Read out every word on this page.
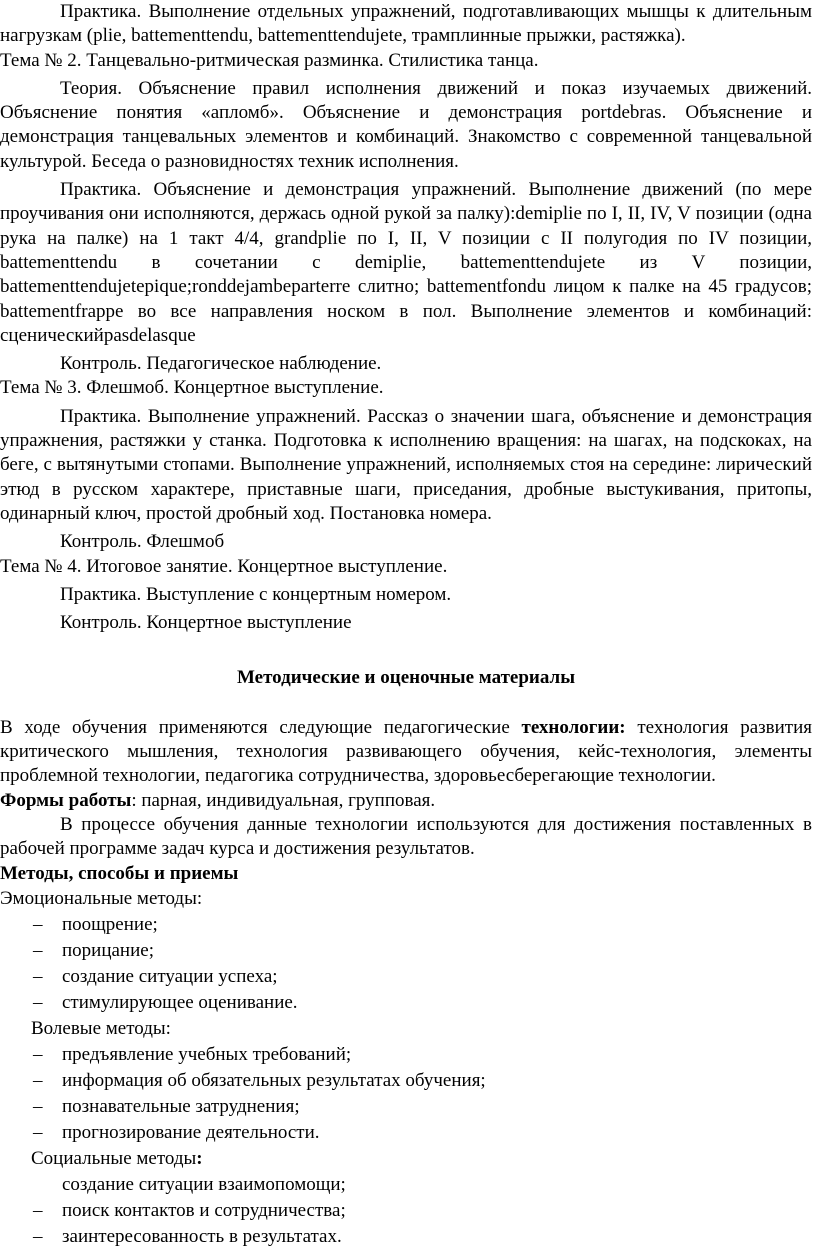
Практика. Выполнение отдельных упражнений, подготавливающих мышцы к длительным нагрузкам (plie, battementtendu, battementtendujete, трамплинные прыжки, растяжка).

Тема № 2. Танцевально-ритмическая разминка. Стилистика танца.

Теория. Объяснение правил исполнения движений и показ изучаемых движений. Объяснение понятия «апломб». Объяснение и демонстрация portdebras. Объяснение и демонстрация танцевальных элементов и комбинаций. Знакомство с современной танцевальной культурой. Беседа о разновидностях техник исполнения.

Практика. Объяснение и демонстрация упражнений. Выполнение движений (по мере проучивания они исполняются, держась одной рукой за палку):demiplie по I, II, IV, V позиции (одна рука на палке) на 1 такт 4/4, grandplie по I, II, V позиции с II полугодия по IV позиции, battementtendu в сочетании с demiplie, battementtendujete из V позиции, battementtendujetepique;ronddejambeparterre слитно; battementfondu лицом к палке на 45 градусов; battementfrappe во все направления носком в пол. Выполнение элементов и комбинаций: сценическийpasdelasque

Контроль. Педагогическое наблюдение.

Тема № 3. Флешмоб. Концертное выступление.

Практика. Выполнение упражнений. Рассказ о значении шага, объяснение и демонстрация упражнения, растяжки у станка. Подготовка к исполнению вращения: на шагах, на подскоках, на беге, с вытянутыми стопами. Выполнение упражнений, исполняемых стоя на середине: лирический этюд в русском характере, приставные шаги, приседания, дробные выстукивания, притопы, одинарный ключ, простой дробный ход. Постановка номера.

Контроль. Флешмоб

Тема № 4. Итоговое занятие. Концертное выступление.

Практика. Выступление с концертным номером.

Контроль. Концертное выступление

Методические и оценочные материалы

В ходе обучения применяются следующие педагогические технологии: технология развития критического мышления, технология развивающего обучения, кейс-технология, элементы проблемной технологии, педагогика сотрудничества, здоровьесберегающие технологии.

Формы работы: парная, индивидуальная, групповая.

В процессе обучения данные технологии используются для достижения поставленных в рабочей программе задач курса и достижения результатов.

Методы, способы и приемы

Эмоциональные методы:
– поощрение;
– порицание;
– создание ситуации успеха;
– стимулирующее оценивание.
Волевые методы:
– предъявление учебных требований;
– информация об обязательных результатах обучения;
– познавательные затруднения;
– прогнозирование деятельности.
Социальные методы:
создание ситуации взаимопомощи;
– поиск контактов и сотрудничества;
– заинтересованность в результатах.
